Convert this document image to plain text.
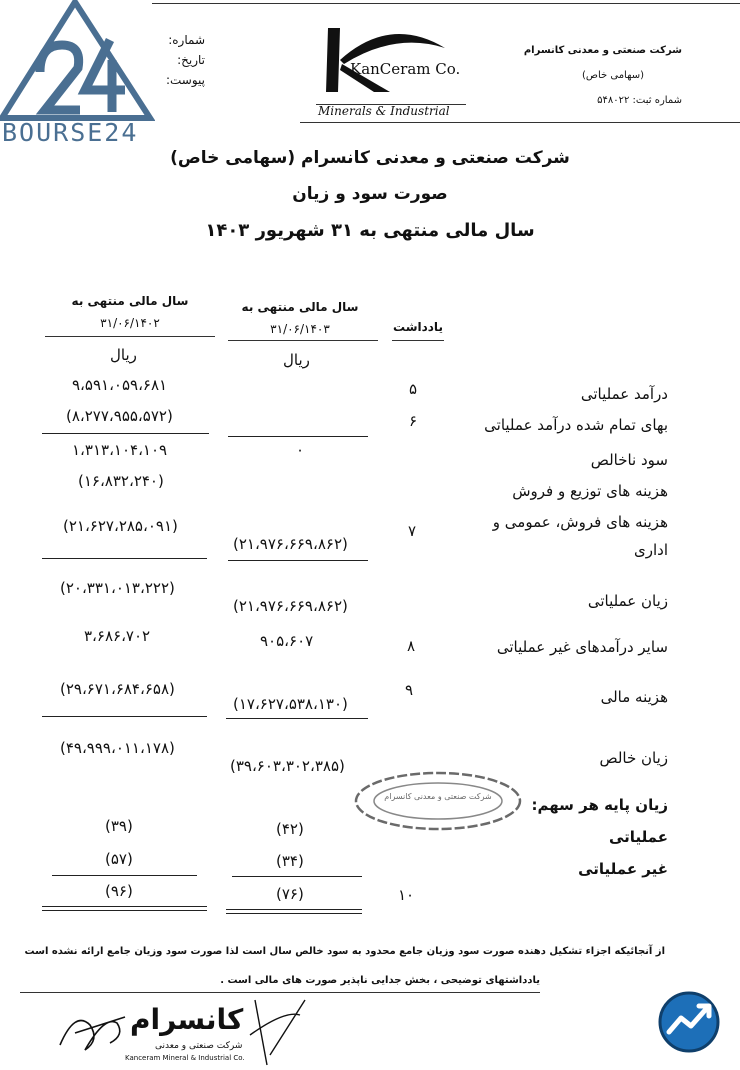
BOURSE24
شماره:
تاریخ:
پیوست:
KanCeram Co.
Minerals & Industrial
شرکت صنعتی و معدنی کانسرام
(سهامی خاص)
شماره ثبت: ۵۴۸۰۲۲
شرکت صنعتی و معدنی کانسرام (سهامی خاص)
صورت سود و زیان
سال مالی منتهی به ۳۱ شهریور ۱۴۰۳
سال مالی منتهی به
۳۱/۰۶/۱۴۰۲
ریال
سال مالی منتهی به
۳۱/۰۶/۱۴۰۳
ریال
یادداشت
درآمد عملیاتی
بهای تمام شده درآمد عملیاتی
سود ناخالص
هزینه های توزیع و فروش
هزینه های فروش، عمومی و
اداری
زیان عملیاتی
سایر درآمدهای غیر عملیاتی
هزینه مالی
زیان خالص
زیان پایه هر سهم:
عملیاتی
غیر عملیاتی
۵
۶
۷
۸
۹
۱۰
۹،۵۹۱،۰۵۹،۶۸۱
(۸،۲۷۷،۹۵۵،۵۷۲)
۱،۳۱۳،۱۰۴،۱۰۹
(۱۶،۸۳۲،۲۴۰)
(۲۱،۶۲۷،۲۸۵،۰۹۱)
(۲۰،۳۳۱،۰۱۳،۲۲۲)
۳،۶۸۶،۷۰۲
(۲۹،۶۷۱،۶۸۴،۶۵۸)
(۴۹،۹۹۹،۰۱۱،۱۷۸)
(۳۹)
(۵۷)
(۹۶)
۰
(۲۱،۹۷۶،۶۶۹،۸۶۲)
(۲۱،۹۷۶،۶۶۹،۸۶۲)
۹۰۵،۶۰۷
(۱۷،۶۲۷،۵۳۸،۱۳۰)
(۳۹،۶۰۳،۳۰۲،۳۸۵)
(۴۲)
(۳۴)
(۷۶)
شرکت صنعتی و معدنی کانسرام
از آنجائیکه اجزاء تشکیل دهنده صورت سود وزیان جامع محدود به سود خالص سال است لذا صورت سود وزیان جامع ارائه نشده است
یادداشتهای توضیحی ، بخش جدایی ناپذیر صورت های مالی است .
کانسرام
شرکت صنعتی و معدنی
Kanceram Mineral & Industrial Co.
